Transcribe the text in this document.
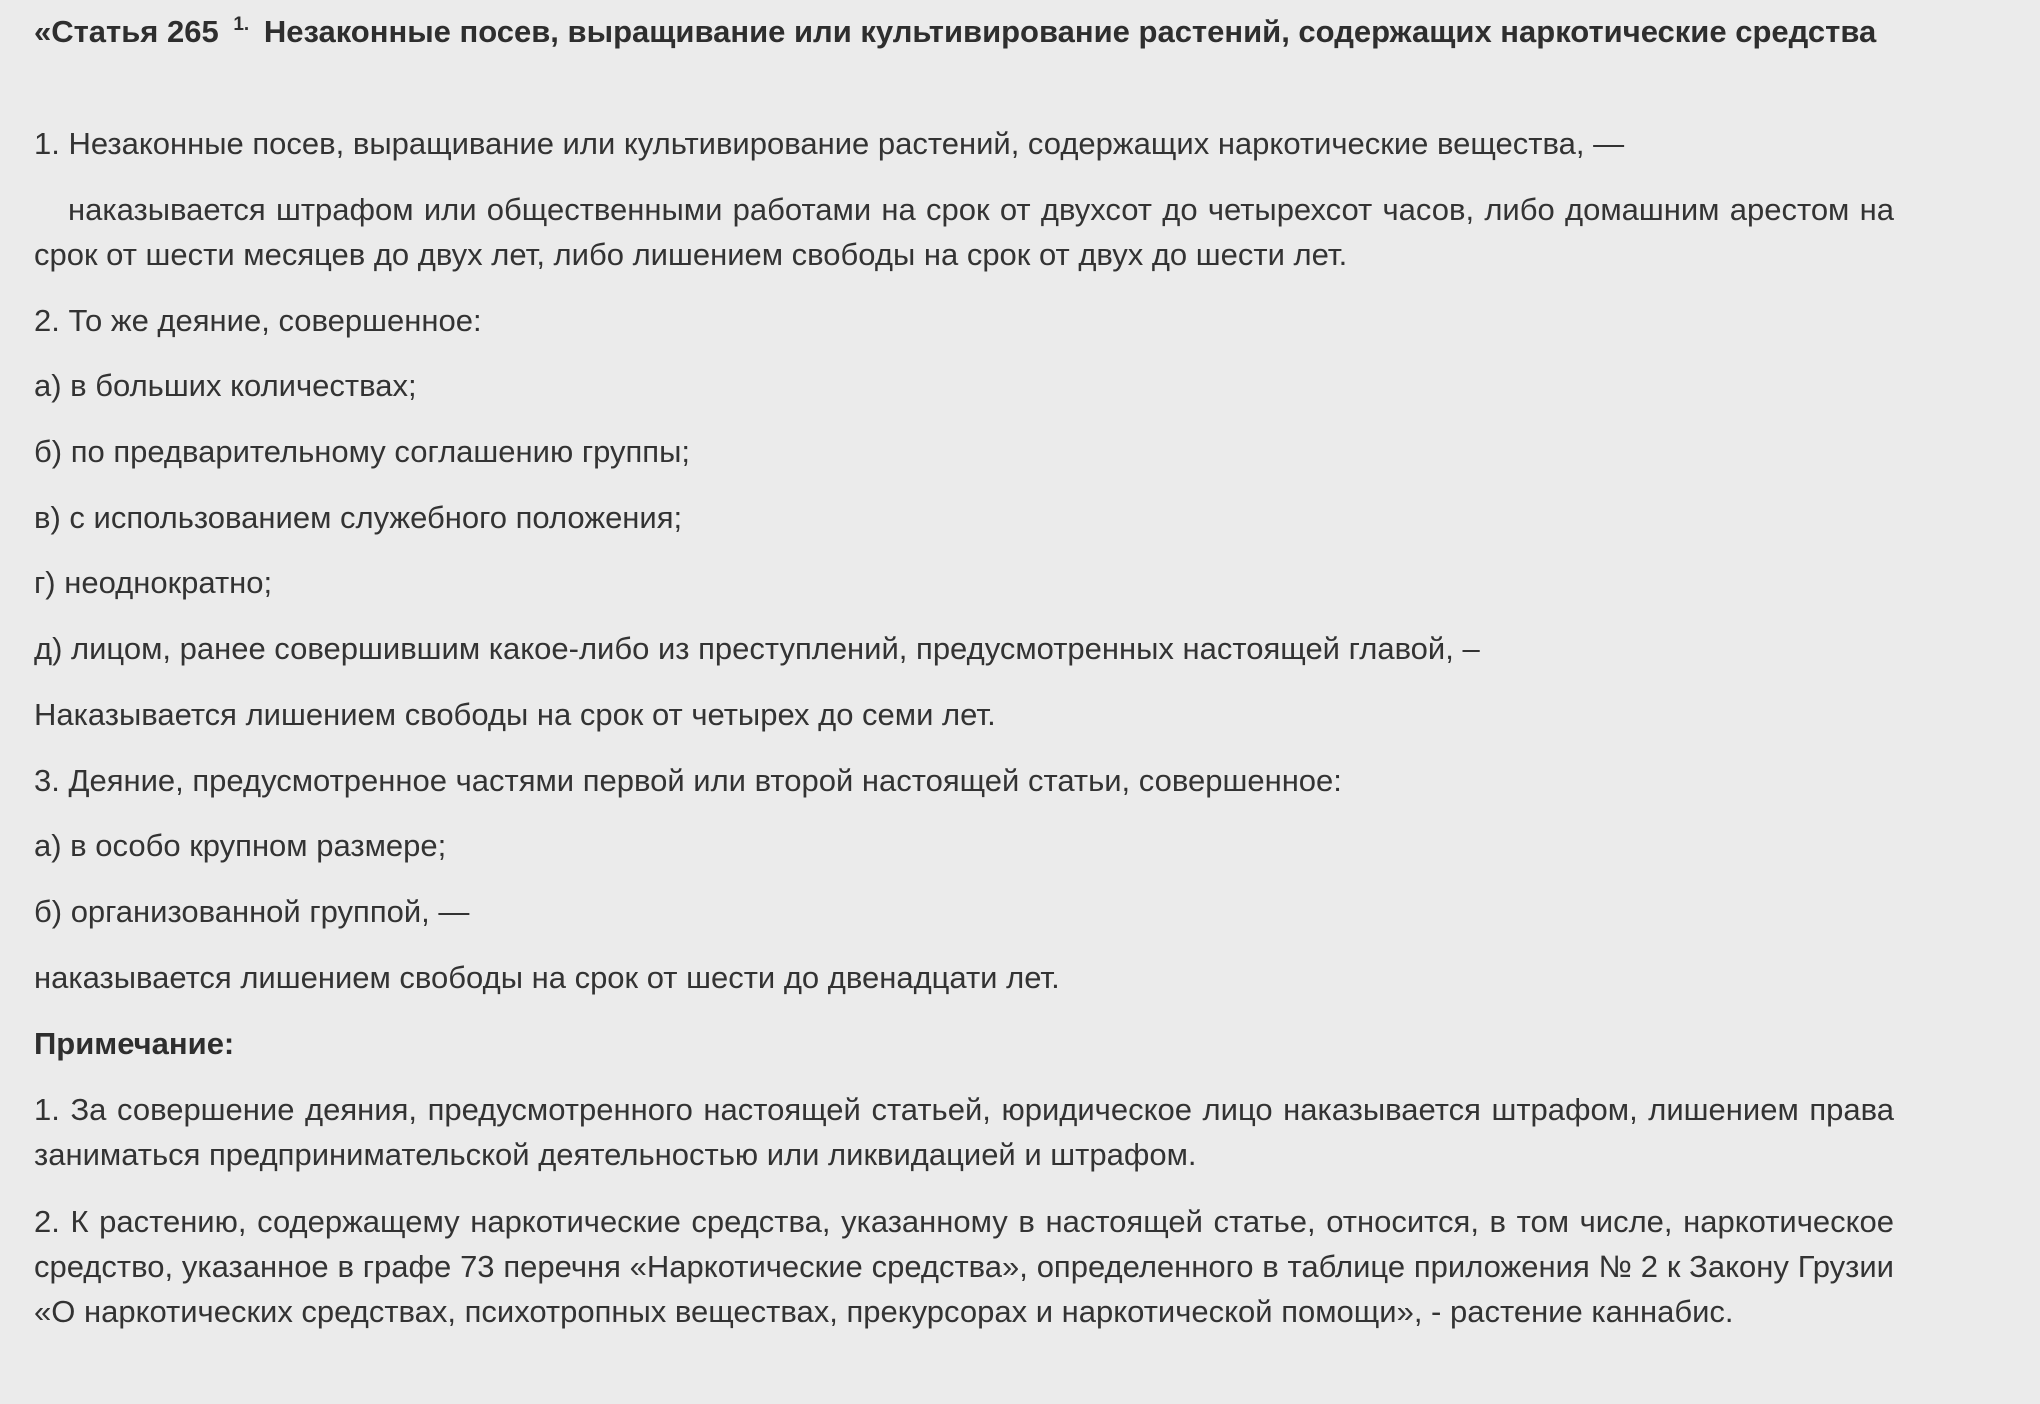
«Статья 265 $^{1.}$ Незаконные посев, выращивание или культивирование растений, содержащих наркотические средства

1. Незаконные посев, выращивание или культивирование растений, содержащих наркотические вещества, —

наказывается штрафом или общественными работами на срок от двухсот до четырехсот часов, либо домашним арестом на срок от шести месяцев до двух лет, либо лишением свободы на срок от двух до шести лет.

2. То же деяние, совершенное:

а) в больших количествах;

б) по предварительному соглашению группы;

в) с использованием служебного положения;

г) неоднократно;

д) лицом, ранее совершившим какое-либо из преступлений, предусмотренных настоящей главой, –

Наказывается лишением свободы на срок от четырех до семи лет.

3. Деяние, предусмотренное частями первой или второй настоящей статьи, совершенное:

а) в особо крупном размере;

б) организованной группой, —

наказывается лишением свободы на срок от шести до двенадцати лет.

Примечание:

1. За совершение деяния, предусмотренного настоящей статьей, юридическое лицо наказывается штрафом, лишением права заниматься предпринимательской деятельностью или ликвидацией и штрафом.

2. К растению, содержащему наркотические средства, указанному в настоящей статье, относится, в том числе, наркотическое средство, указанное в графе 73 перечня «Наркотические средства», определенного в таблице приложения № 2 к Закону Грузии «О наркотических средствах, психотропных веществах, прекурсорах и наркотической помощи», - растение каннабис.
